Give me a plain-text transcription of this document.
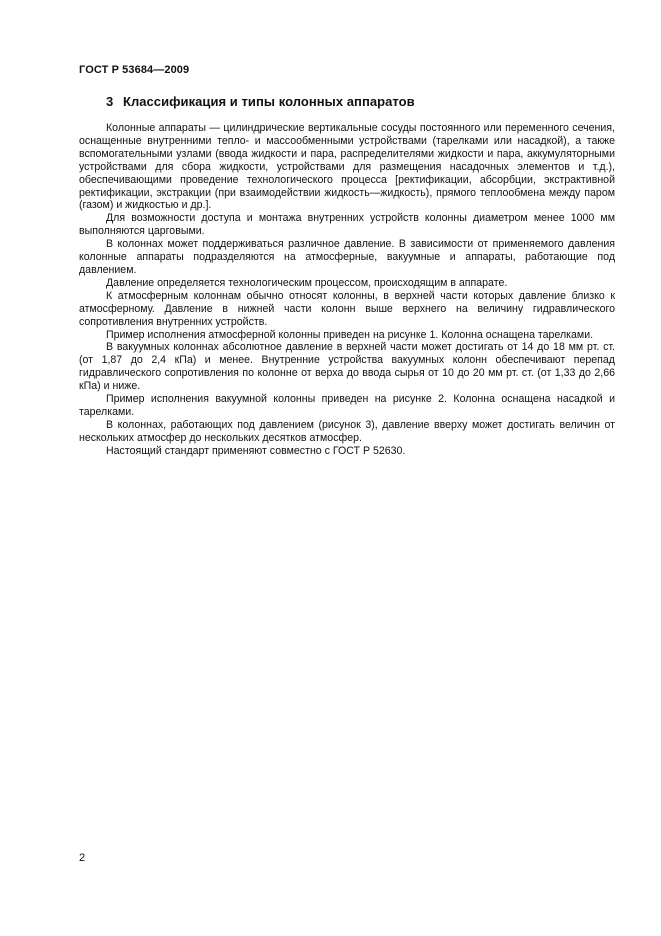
ГОСТ Р 53684—2009
3 Классификация и типы колонных аппаратов

Колонные аппараты — цилиндрические вертикальные сосуды постоянного или переменного сечения, оснащенные внутренними тепло- и массообменными устройствами (тарелками или насадкой), а также вспомогательными узлами (ввода жидкости и пара, распределителями жидкости и пара, аккумуляторными устройствами для сбора жидкости, устройствами для размещения насадочных элементов и т.д.), обеспечивающими проведение технологического процесса [ректификации, абсорбции, экстрактивной ректификации, экстракции (при взаимодействии жидкость—жидкость), прямого теплообмена между паром (газом) и жидкостью и др.].

Для возможности доступа и монтажа внутренних устройств колонны диаметром менее 1000 мм выполняются царговыми.

В колоннах может поддерживаться различное давление. В зависимости от применяемого давления колонные аппараты подразделяются на атмосферные, вакуумные и аппараты, работающие под давлением.

Давление определяется технологическим процессом, происходящим в аппарате.

К атмосферным колоннам обычно относят колонны, в верхней части которых давление близко к атмосферному. Давление в нижней части колонн выше верхнего на величину гидравлического сопротивления внутренних устройств.

Пример исполнения атмосферной колонны приведен на рисунке 1. Колонна оснащена тарелками.

В вакуумных колоннах абсолютное давление в верхней части может достигать от 14 до 18 мм рт. ст. (от 1,87 до 2,4 кПа) и менее. Внутренние устройства вакуумных колонн обеспечивают перепад гидравлического сопротивления по колонне от верха до ввода сырья от 10 до 20 мм рт. ст. (от 1,33 до 2,66 кПа) и ниже.

Пример исполнения вакуумной колонны приведен на рисунке 2. Колонна оснащена насадкой и тарелками.

В колоннах, работающих под давлением (рисунок 3), давление вверху может достигать величин от нескольких атмосфер до нескольких десятков атмосфер.

Настоящий стандарт применяют совместно с ГОСТ Р 52630.

2
